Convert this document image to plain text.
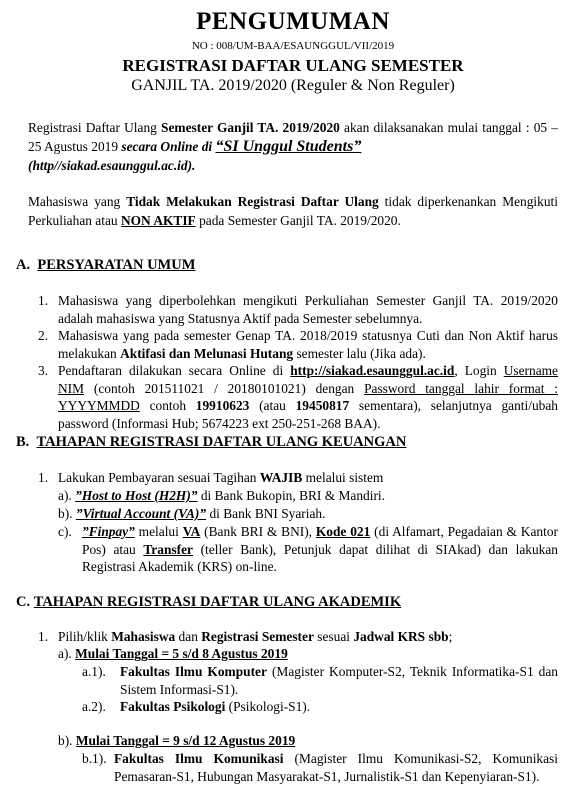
PENGUMUMAN
NO : 008/UM-BAA/ESAUNGGUL/VII/2019
REGISTRASI DAFTAR ULANG SEMESTER
GANJIL TA. 2019/2020 (Reguler & Non Reguler)
Registrasi Daftar Ulang Semester Ganjil TA. 2019/2020 akan dilaksanakan mulai tanggal : 05 – 25 Agustus 2019 secara Online di “SI Unggul Students”
(http//siakad.esaunggul.ac.id).
Mahasiswa yang Tidak Melakukan Registrasi Daftar Ulang tidak diperkenankan Mengikuti Perkuliahan atau NON AKTIF pada Semester Ganjil TA. 2019/2020.
A. PERSYARATAN UMUM
1. Mahasiswa yang diperbolehkan mengikuti Perkuliahan Semester Ganjil TA. 2019/2020 adalah mahasiswa yang Statusnya Aktif pada Semester sebelumnya.
2. Mahasiswa yang pada semester Genap TA. 2018/2019 statusnya Cuti dan Non Aktif harus melakukan Aktifasi dan Melunasi Hutang semester lalu (Jika ada).
3. Pendaftaran dilakukan secara Online di http://siakad.esaunggul.ac.id, Login Username NIM (contoh 201511021 / 20180101021) dengan Password tanggal lahir format : YYYYMMDD contoh 19910623 (atau 19450817 sementara), selanjutnya ganti/ubah password (Informasi Hub; 5674223 ext 250-251-268 BAA).
B. TAHAPAN REGISTRASI DAFTAR ULANG KEUANGAN
1. Lakukan Pembayaran sesuai Tagihan WAJIB melalui sistem
a). ”Host to Host (H2H)” di Bank Bukopin, BRI & Mandiri.
b). ”Virtual Account (VA)” di Bank BNI Syariah.
c). ”Finpay” melalui VA (Bank BRI & BNI), Kode 021 (di Alfamart, Pegadaian & Kantor Pos) atau Transfer (teller Bank), Petunjuk dapat dilihat di SIAkad) dan lakukan Registrasi Akademik (KRS) on-line.
C. TAHAPAN REGISTRASI DAFTAR ULANG AKADEMIK
1. Pilih/klik Mahasiswa dan Registrasi Semester sesuai Jadwal KRS sbb;
a). Mulai Tanggal = 5 s/d 8 Agustus 2019
a.1). Fakultas Ilmu Komputer (Magister Komputer-S2, Teknik Informatika-S1 dan Sistem Informasi-S1).
a.2). Fakultas Psikologi (Psikologi-S1).
b). Mulai Tanggal = 9 s/d 12 Agustus 2019
b.1). Fakultas Ilmu Komunikasi (Magister Ilmu Komunikasi-S2, Komunikasi Pemasaran-S1, Hubungan Masyarakat-S1, Jurnalistik-S1 dan Kepenyiaran-S1).
